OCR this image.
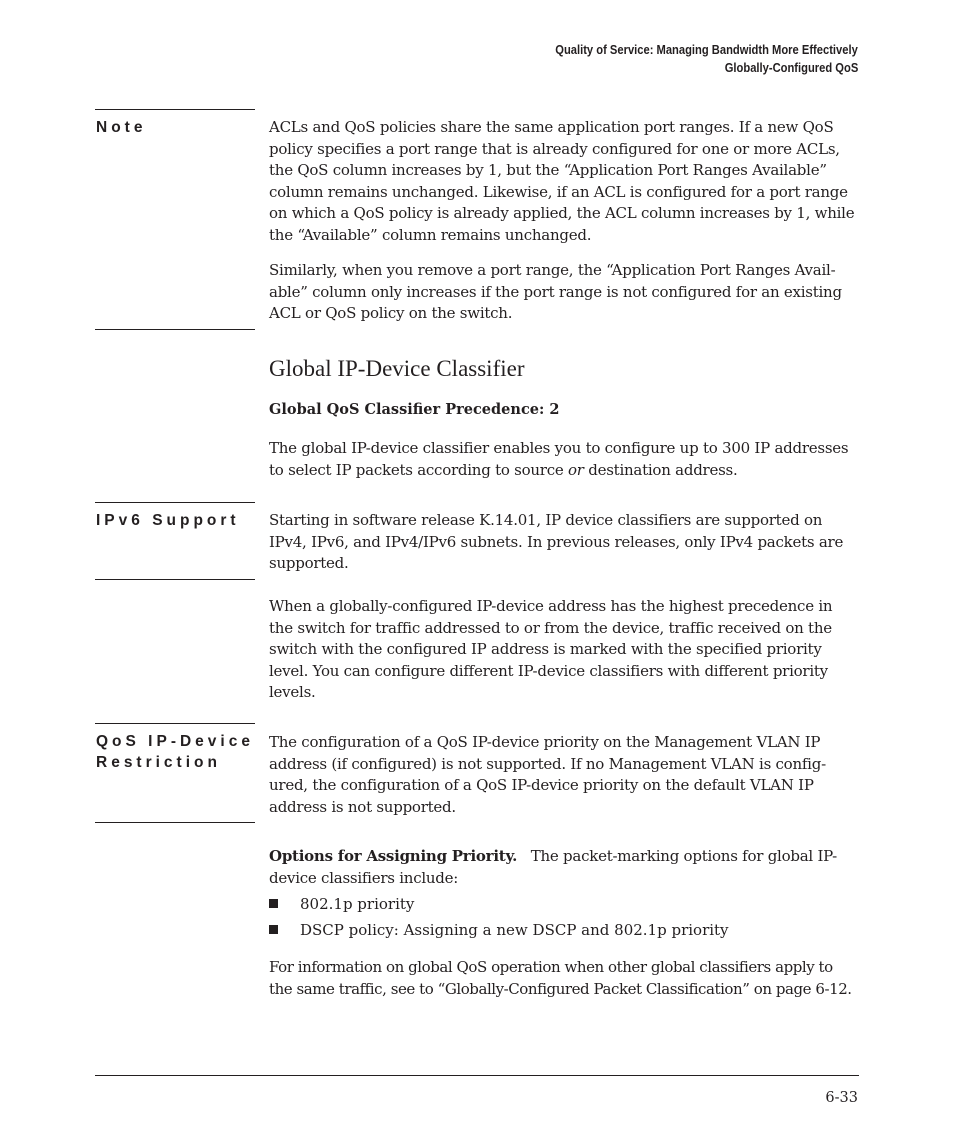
Quality of Service: Managing Bandwidth More Effectively
Globally-Configured QoS
Note	ACLs and QoS policies share the same application port ranges. If a new QoS policy specifies a port range that is already configured for one or more ACLs, the QoS column increases by 1, but the “Application Port Ranges Available” column remains unchanged. Likewise, if an ACL is configured for a port range on which a QoS policy is already applied, the ACL column increases by 1, while the “Available” column remains unchanged.

Similarly, when you remove a port range, the “Application Port Ranges Avail-able” column only increases if the port range is not configured for an existing ACL or QoS policy on the switch.

Global IP-Device Classifier
Global QoS Classifier Precedence: 2

The global IP-device classifier enables you to configure up to 300 IP addresses to select IP packets according to source or destination address.

IPv6 Support Starting in software release K.14.01, IP device classifiers are supported on IPv4, IPv6, and IPv4/IPv6 subnets. In previous releases, only IPv4 packets are supported.

When a globally-configured IP-device address has the highest precedence in the switch for traffic addressed to or from the device, traffic received on the switch with the configured IP address is marked with the specified priority level. You can configure different IP-device classifiers with different priority levels.

QoS IP-Device
Restriction

The configuration of a QoS IP-device priority on the Management VLAN IP address (if configured) is not supported. If no Management VLAN is config-ured, the configuration of a QoS IP-device priority on the default VLAN IP address is not supported.

Options for Assigning Priority. The packet-marking options for global IP-device classifiers include:

802.1p priority
DSCP policy: Assigning a new DSCP and 802.1p priority

For information on global QoS operation when other global classifiers apply to the same traffic, see to “Globally-Configured Packet Classification” on page 6-12.

6-33
